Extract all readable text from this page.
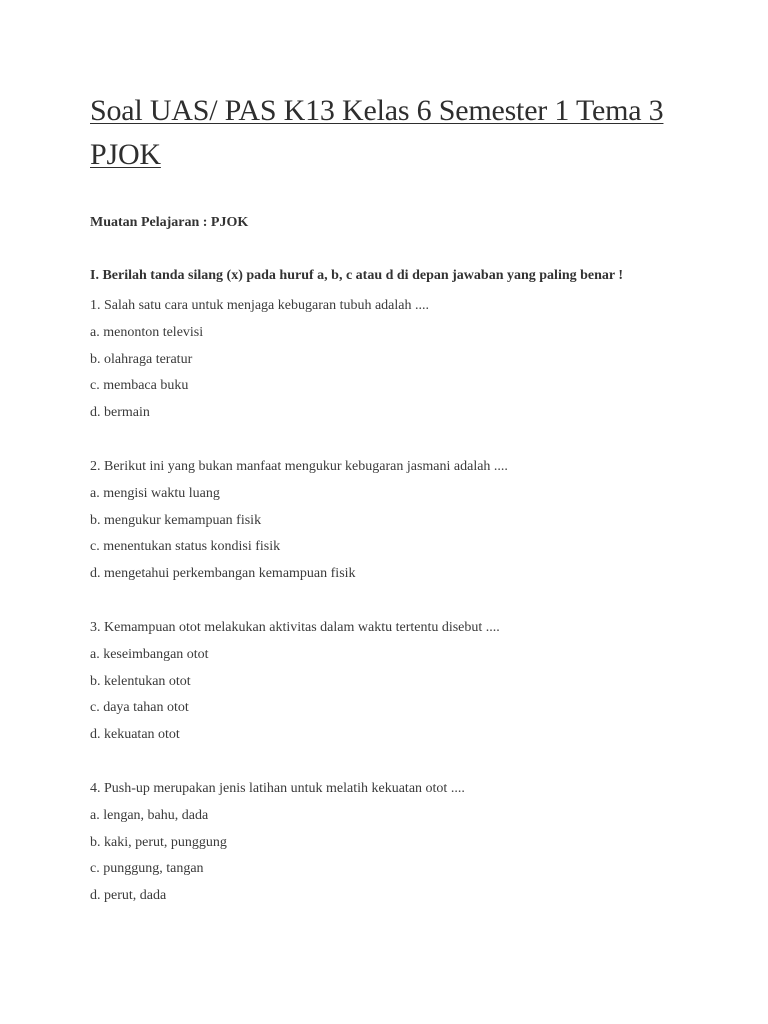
Soal UAS/ PAS K13 Kelas 6 Semester 1 Tema 3 PJOK

Muatan Pelajaran : PJOK

I. Berilah tanda silang (x) pada huruf a, b, c atau d di depan jawaban yang paling benar !

1. Salah satu cara untuk menjaga kebugaran tubuh adalah ....
a. menonton televisi
b. olahraga teratur
c. membaca buku
d. bermain
2. Berikut ini yang bukan manfaat mengukur kebugaran jasmani adalah ....
a. mengisi waktu luang
b. mengukur kemampuan fisik
c. menentukan status kondisi fisik
d. mengetahui perkembangan kemampuan fisik
3. Kemampuan otot melakukan aktivitas dalam waktu tertentu disebut ....
a. keseimbangan otot
b. kelentukan otot
c. daya tahan otot
d. kekuatan otot
4. Push-up merupakan jenis latihan untuk melatih kekuatan otot ....
a. lengan, bahu, dada
b. kaki, perut, punggung
c. punggung, tangan
d. perut, dada
